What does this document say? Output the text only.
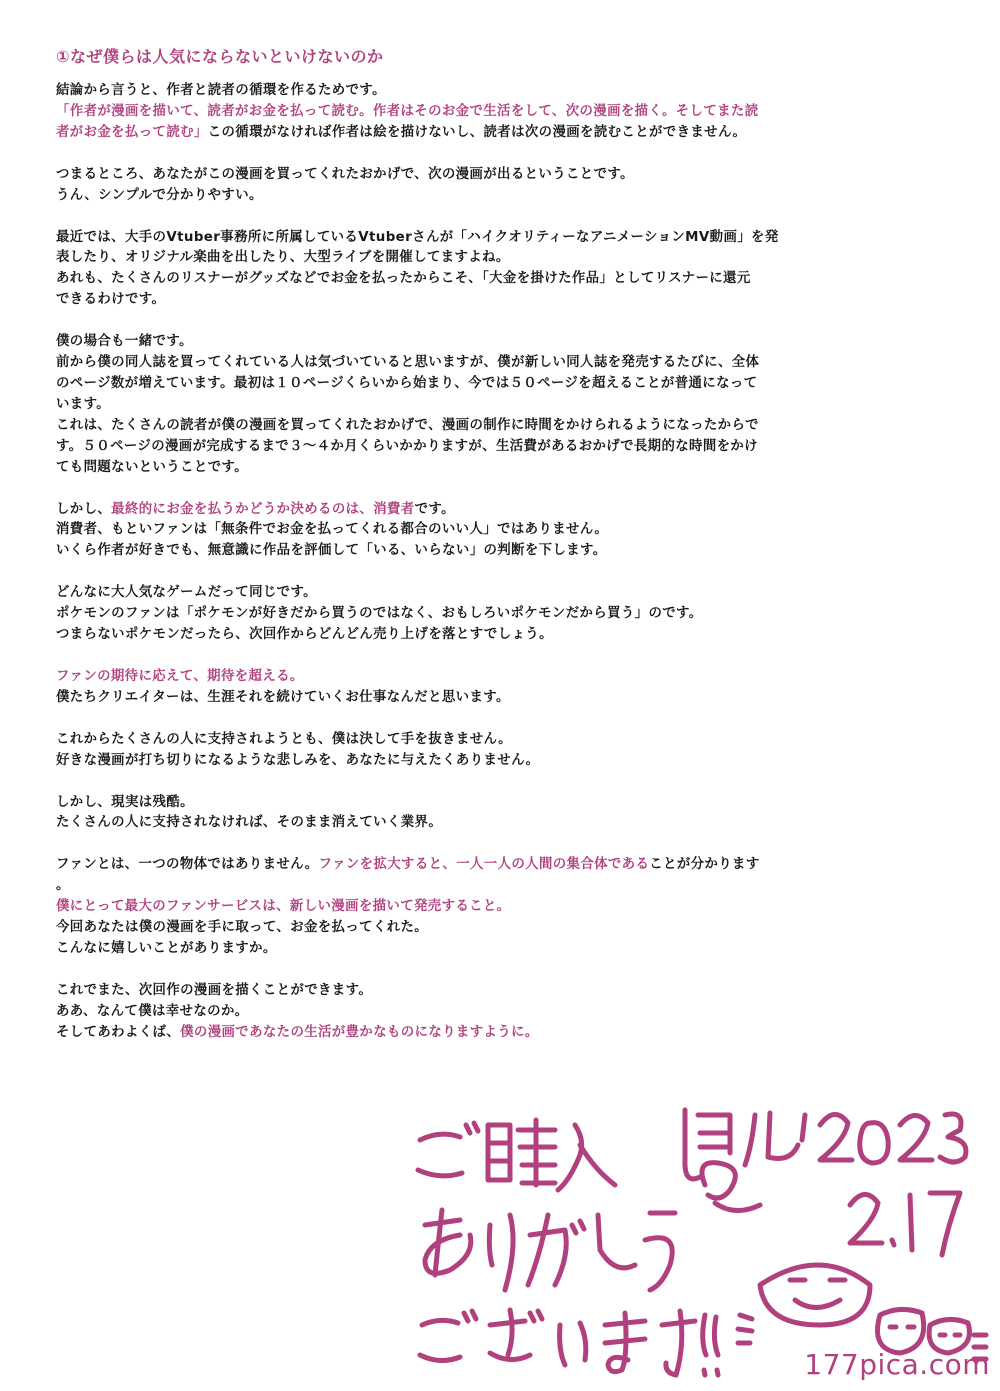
①なぜ僕らは人気にならないといけないのか
結論から言うと、作者と読者の循環を作るためです。
「作者が漫画を描いて、読者がお金を払って読む。作者はそのお金で生活をして、次の漫画を描く。そしてまた読
者がお金を払って読む」この循環がなければ作者は絵を描けないし、読者は次の漫画を読むことができません。
つまるところ、あなたがこの漫画を買ってくれたおかげで、次の漫画が出るということです。
うん、シンプルで分かりやすい。
最近では、大手のVtuber事務所に所属しているVtuberさんが「ハイクオリティーなアニメーションMV動画」を発
表したり、オリジナル楽曲を出したり、大型ライブを開催してますよね。
あれも、たくさんのリスナーがグッズなどでお金を払ったからこそ、「大金を掛けた作品」としてリスナーに還元
できるわけです。
僕の場合も一緒です。
前から僕の同人誌を買ってくれている人は気づいていると思いますが、僕が新しい同人誌を発売するたびに、全体
のページ数が増えています。最初は１０ページくらいから始まり、今では５０ページを超えることが普通になって
います。
これは、たくさんの読者が僕の漫画を買ってくれたおかげで、漫画の制作に時間をかけられるようになったからで
す。５０ページの漫画が完成するまで３～４か月くらいかかりますが、生活費があるおかげで長期的な時間をかけ
ても問題ないということです。
しかし、最終的にお金を払うかどうか決めるのは、消費者です。
消費者、もといファンは「無条件でお金を払ってくれる都合のいい人」ではありません。
いくら作者が好きでも、無意識に作品を評価して「いる、いらない」の判断を下します。
どんなに大人気なゲームだって同じです。
ポケモンのファンは「ポケモンが好きだから買うのではなく、おもしろいポケモンだから買う」のです。
つまらないポケモンだったら、次回作からどんどん売り上げを落とすでしょう。
ファンの期待に応えて、期待を超える。
僕たちクリエイターは、生涯それを続けていくお仕事なんだと思います。
これからたくさんの人に支持されようとも、僕は決して手を抜きません。
好きな漫画が打ち切りになるような悲しみを、あなたに与えたくありません。
しかし、現実は残酷。
たくさんの人に支持されなければ、そのまま消えていく業界。
ファンとは、一つの物体ではありません。ファンを拡大すると、一人一人の人間の集合体であることが分かります
。
僕にとって最大のファンサービスは、新しい漫画を描いて発売すること。
今回あなたは僕の漫画を手に取って、お金を払ってくれた。
こんなに嬉しいことがありますか。
これでまた、次回作の漫画を描くことができます。
ああ、なんて僕は幸せなのか。
そしてあわよくば、僕の漫画であなたの生活が豊かなものになりますように。
177pica.com
